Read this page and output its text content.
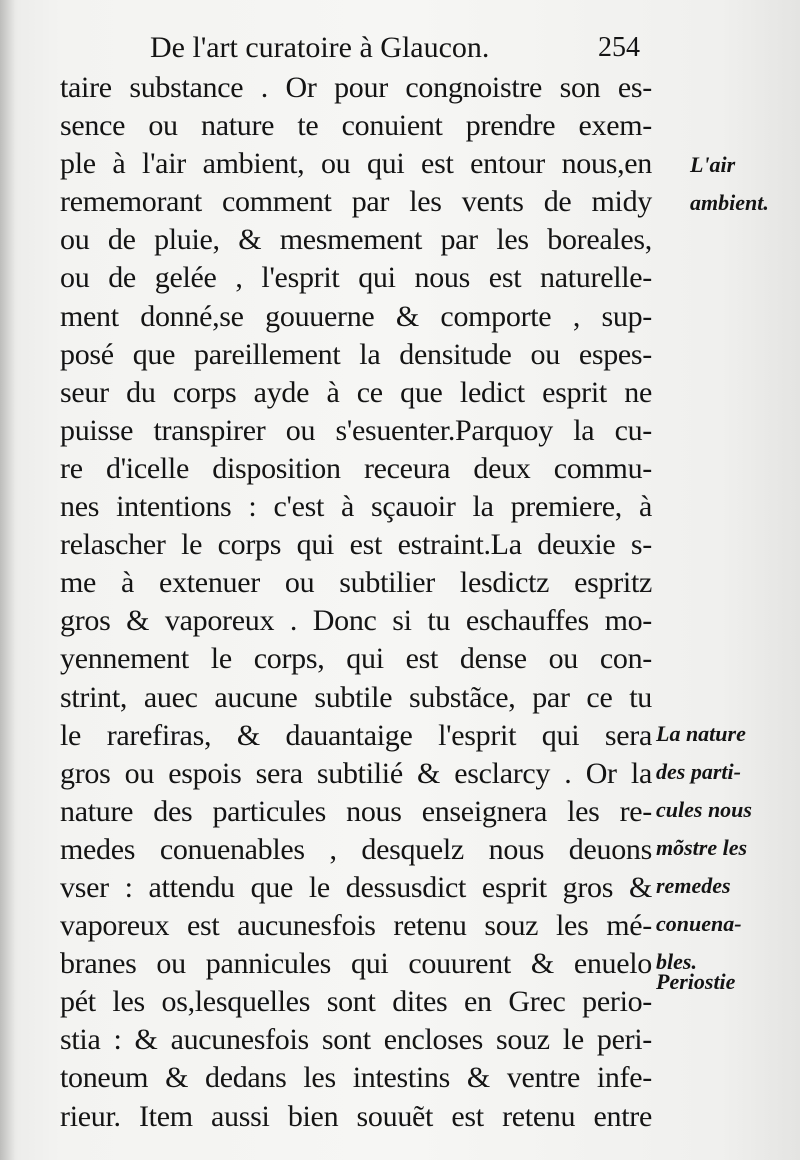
De l'art curatoire à Glaucon.	254
taire substance . Or pour congnoistre son es-
sence ou nature te conuient prendre exem-
ple à l'air ambient, ou qui est entour nous,en
rememorant comment par les vents de midy
ou de pluie, & mesmement par les boreales,
ou de gelée , l'esprit qui nous est naturelle-
ment donné,se gouuerne & comporte , sup-
posé que pareillement la densitude ou espes-
seur du corps ayde à ce que ledict esprit ne
puisse transpirer ou s'esuenter.Parquoy la cu-
re d'icelle disposition receura deux commu-
nes intentions : c'est à sçauoir la premiere, à
relascher le corps qui est estraint.La deuxie s-
me à extenuer ou subtilier lesdictz espritz
gros & vaporeux . Donc si tu eschauffes mo-
yennement le corps, qui est dense ou con-
strint, auec aucune subtile substãce, par ce tu
le rarefiras, & dauantaige l'esprit qui sera
gros ou espois sera subtilié & esclarcy . Or la
nature des particules nous enseignera les re-
medes conuenables , desquelz nous deuons
vser : attendu que le dessusdict esprit gros &
vaporeux est aucunesfois retenu souz les mé-
branes ou pannicules qui couurent & enuelo
pét les os,lesquelles sont dites en Grec perio-
stia : & aucunesfois sont encloses souz le peri-
toneum & dedans les intestins & ventre infe-
rieur. Item aussi bien souuẽt est retenu entre
L'air
ambient.
La nature
des parti-
cules nous
mõstre les
remedes
conuena-
bles.
Periostie
